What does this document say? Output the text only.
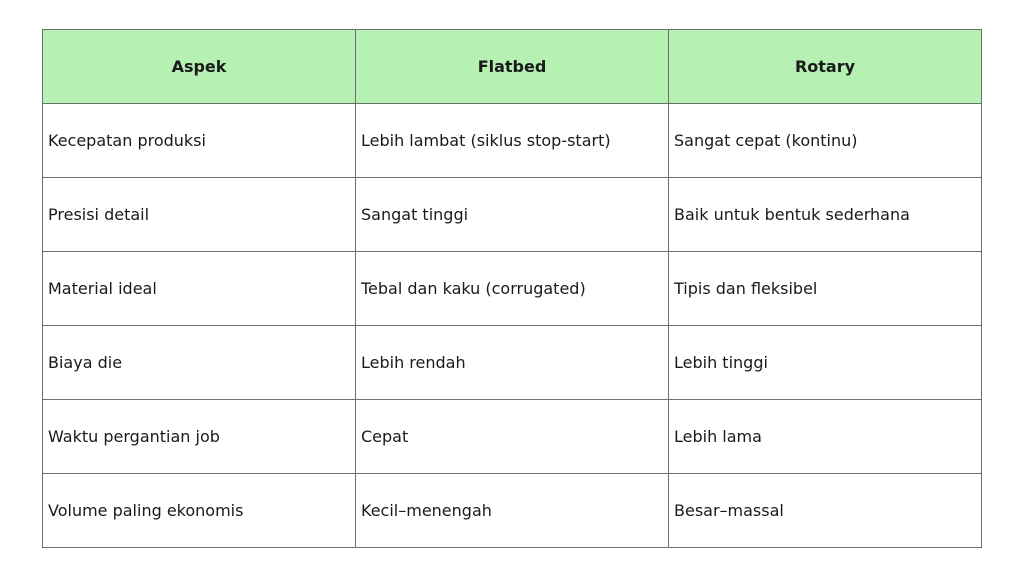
Aspek	Flatbed	Rotary
Kecepatan produksi	Lebih lambat (siklus stop-start)	Sangat cepat (kontinu)
Presisi detail	Sangat tinggi	Baik untuk bentuk sederhana
Material ideal	Tebal dan kaku (corrugated)	Tipis dan fleksibel
Biaya die	Lebih rendah	Lebih tinggi
Waktu pergantian job	Cepat	Lebih lama
Volume paling ekonomis	Kecil–menengah	Besar–massal
